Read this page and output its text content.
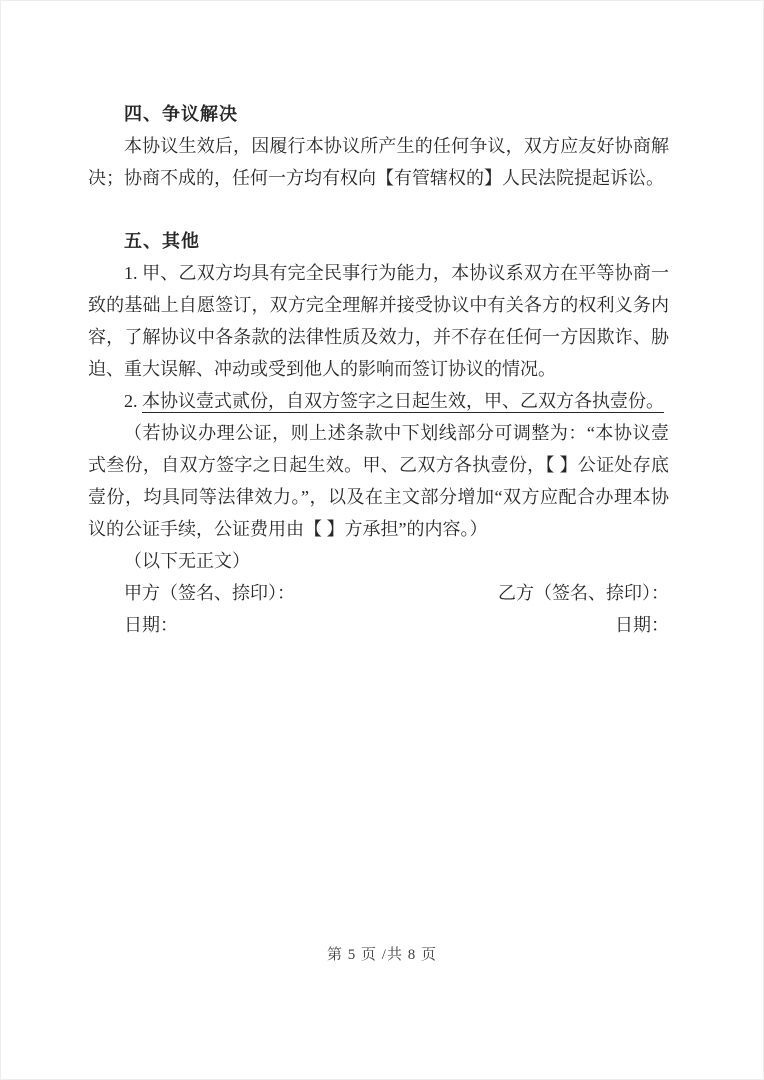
四、争议解决

本协议生效后，因履行本协议所产生的任何争议，双方应友好协商解决；协商不成的，任何一方均有权向【有管辖权的】人民法院提起诉讼。

五、其他

1. 甲、乙双方均具有完全民事行为能力，本协议系双方在平等协商一致的基础上自愿签订，双方完全理解并接受协议中有关各方的权利义务内容，了解协议中各条款的法律性质及效力，并不存在任何一方因欺诈、胁迫、重大误解、冲动或受到他人的影响而签订协议的情况。

2. 本协议壹式贰份，自双方签字之日起生效，甲、乙双方各执壹份。

（若协议办理公证，则上述条款中下划线部分可调整为：“本协议壹式叁份，自双方签字之日起生效。甲、乙双方各执壹份，【 】公证处存底壹份，均具同等法律效力。”，以及在主文部分增加“双方应配合办理本协议的公证手续，公证费用由【 】方承担”的内容。）

（以下无正文）

甲方（签名、捺印）：	乙方（签名、捺印）：
日期：	日期：
第 5 页 /共 8 页
